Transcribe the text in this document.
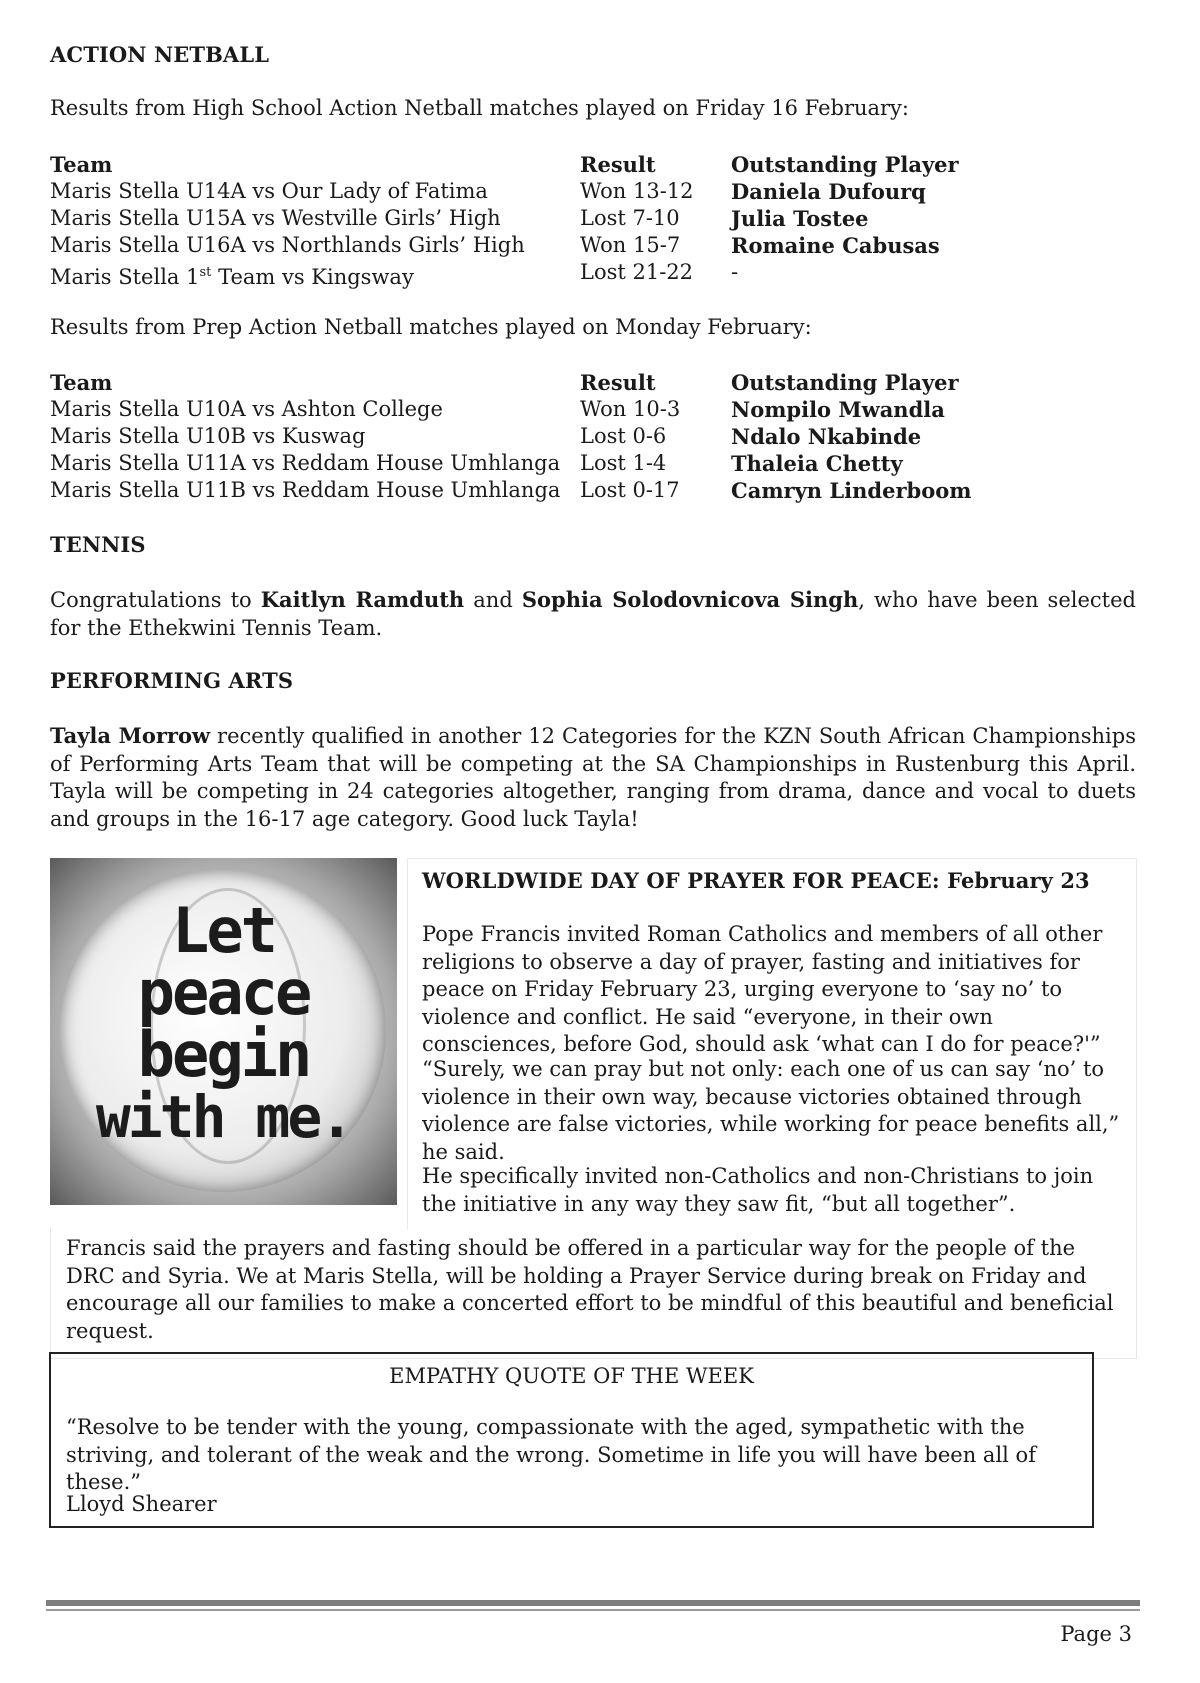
ACTION NETBALL
Results from High School Action Netball matches played on Friday 16 February:
Team	Result	Outstanding Player
Maris Stella U14A vs Our Lady of Fatima	Won 13-12	Daniela Dufourq
Maris Stella U15A vs Westville Girls’ High	Lost 7-10	Julia Tostee
Maris Stella U16A vs Northlands Girls’ High	Won 15-7	Romaine Cabusas
Maris Stella 1st Team vs Kingsway	Lost 21-22	-
Results from Prep Action Netball matches played on Monday February:
Team	Result	Outstanding Player
Maris Stella U10A vs Ashton College	Won 10-3	Nompilo Mwandla
Maris Stella U10B vs Kuswag	Lost 0-6	Ndalo Nkabinde
Maris Stella U11A vs Reddam House Umhlanga	Lost 1-4	Thaleia Chetty
Maris Stella U11B vs Reddam House Umhlanga	Lost 0-17	Camryn Linderboom
TENNIS
Congratulations to Kaitlyn Ramduth and Sophia Solodovnicova Singh, who have been selected for the Ethekwini Tennis Team.
PERFORMING ARTS
Tayla Morrow recently qualified in another 12 Categories for the KZN South African Championships of Performing Arts Team that will be competing at the SA Championships in Rustenburg this April. Tayla will be competing in 24 categories altogether, ranging from drama, dance and vocal to duets and groups in the 16-17 age category. Good luck Tayla!
Let
peace
begin
with me.
WORLDWIDE DAY OF PRAYER FOR PEACE: February 23
Pope Francis invited Roman Catholics and members of all other religions to observe a day of prayer, fasting and initiatives for peace on Friday February 23, urging everyone to ‘say no’ to violence and conflict. He said “everyone, in their own consciences, before God, should ask ‘what can I do for peace?'”
“Surely, we can pray but not only: each one of us can say ‘no’ to violence in their own way, because victories obtained through violence are false victories, while working for peace benefits all,” he said.
He specifically invited non-Catholics and non-Christians to join the initiative in any way they saw fit, “but all together”.
Francis said the prayers and fasting should be offered in a particular way for the people of the DRC and Syria. We at Maris Stella, will be holding a Prayer Service during break on Friday and encourage all our families to make a concerted effort to be mindful of this beautiful and beneficial request.
EMPATHY QUOTE OF THE WEEK
“Resolve to be tender with the young, compassionate with the aged, sympathetic with the striving, and tolerant of the weak and the wrong. Sometime in life you will have been all of these.”
Lloyd Shearer
Page 3
